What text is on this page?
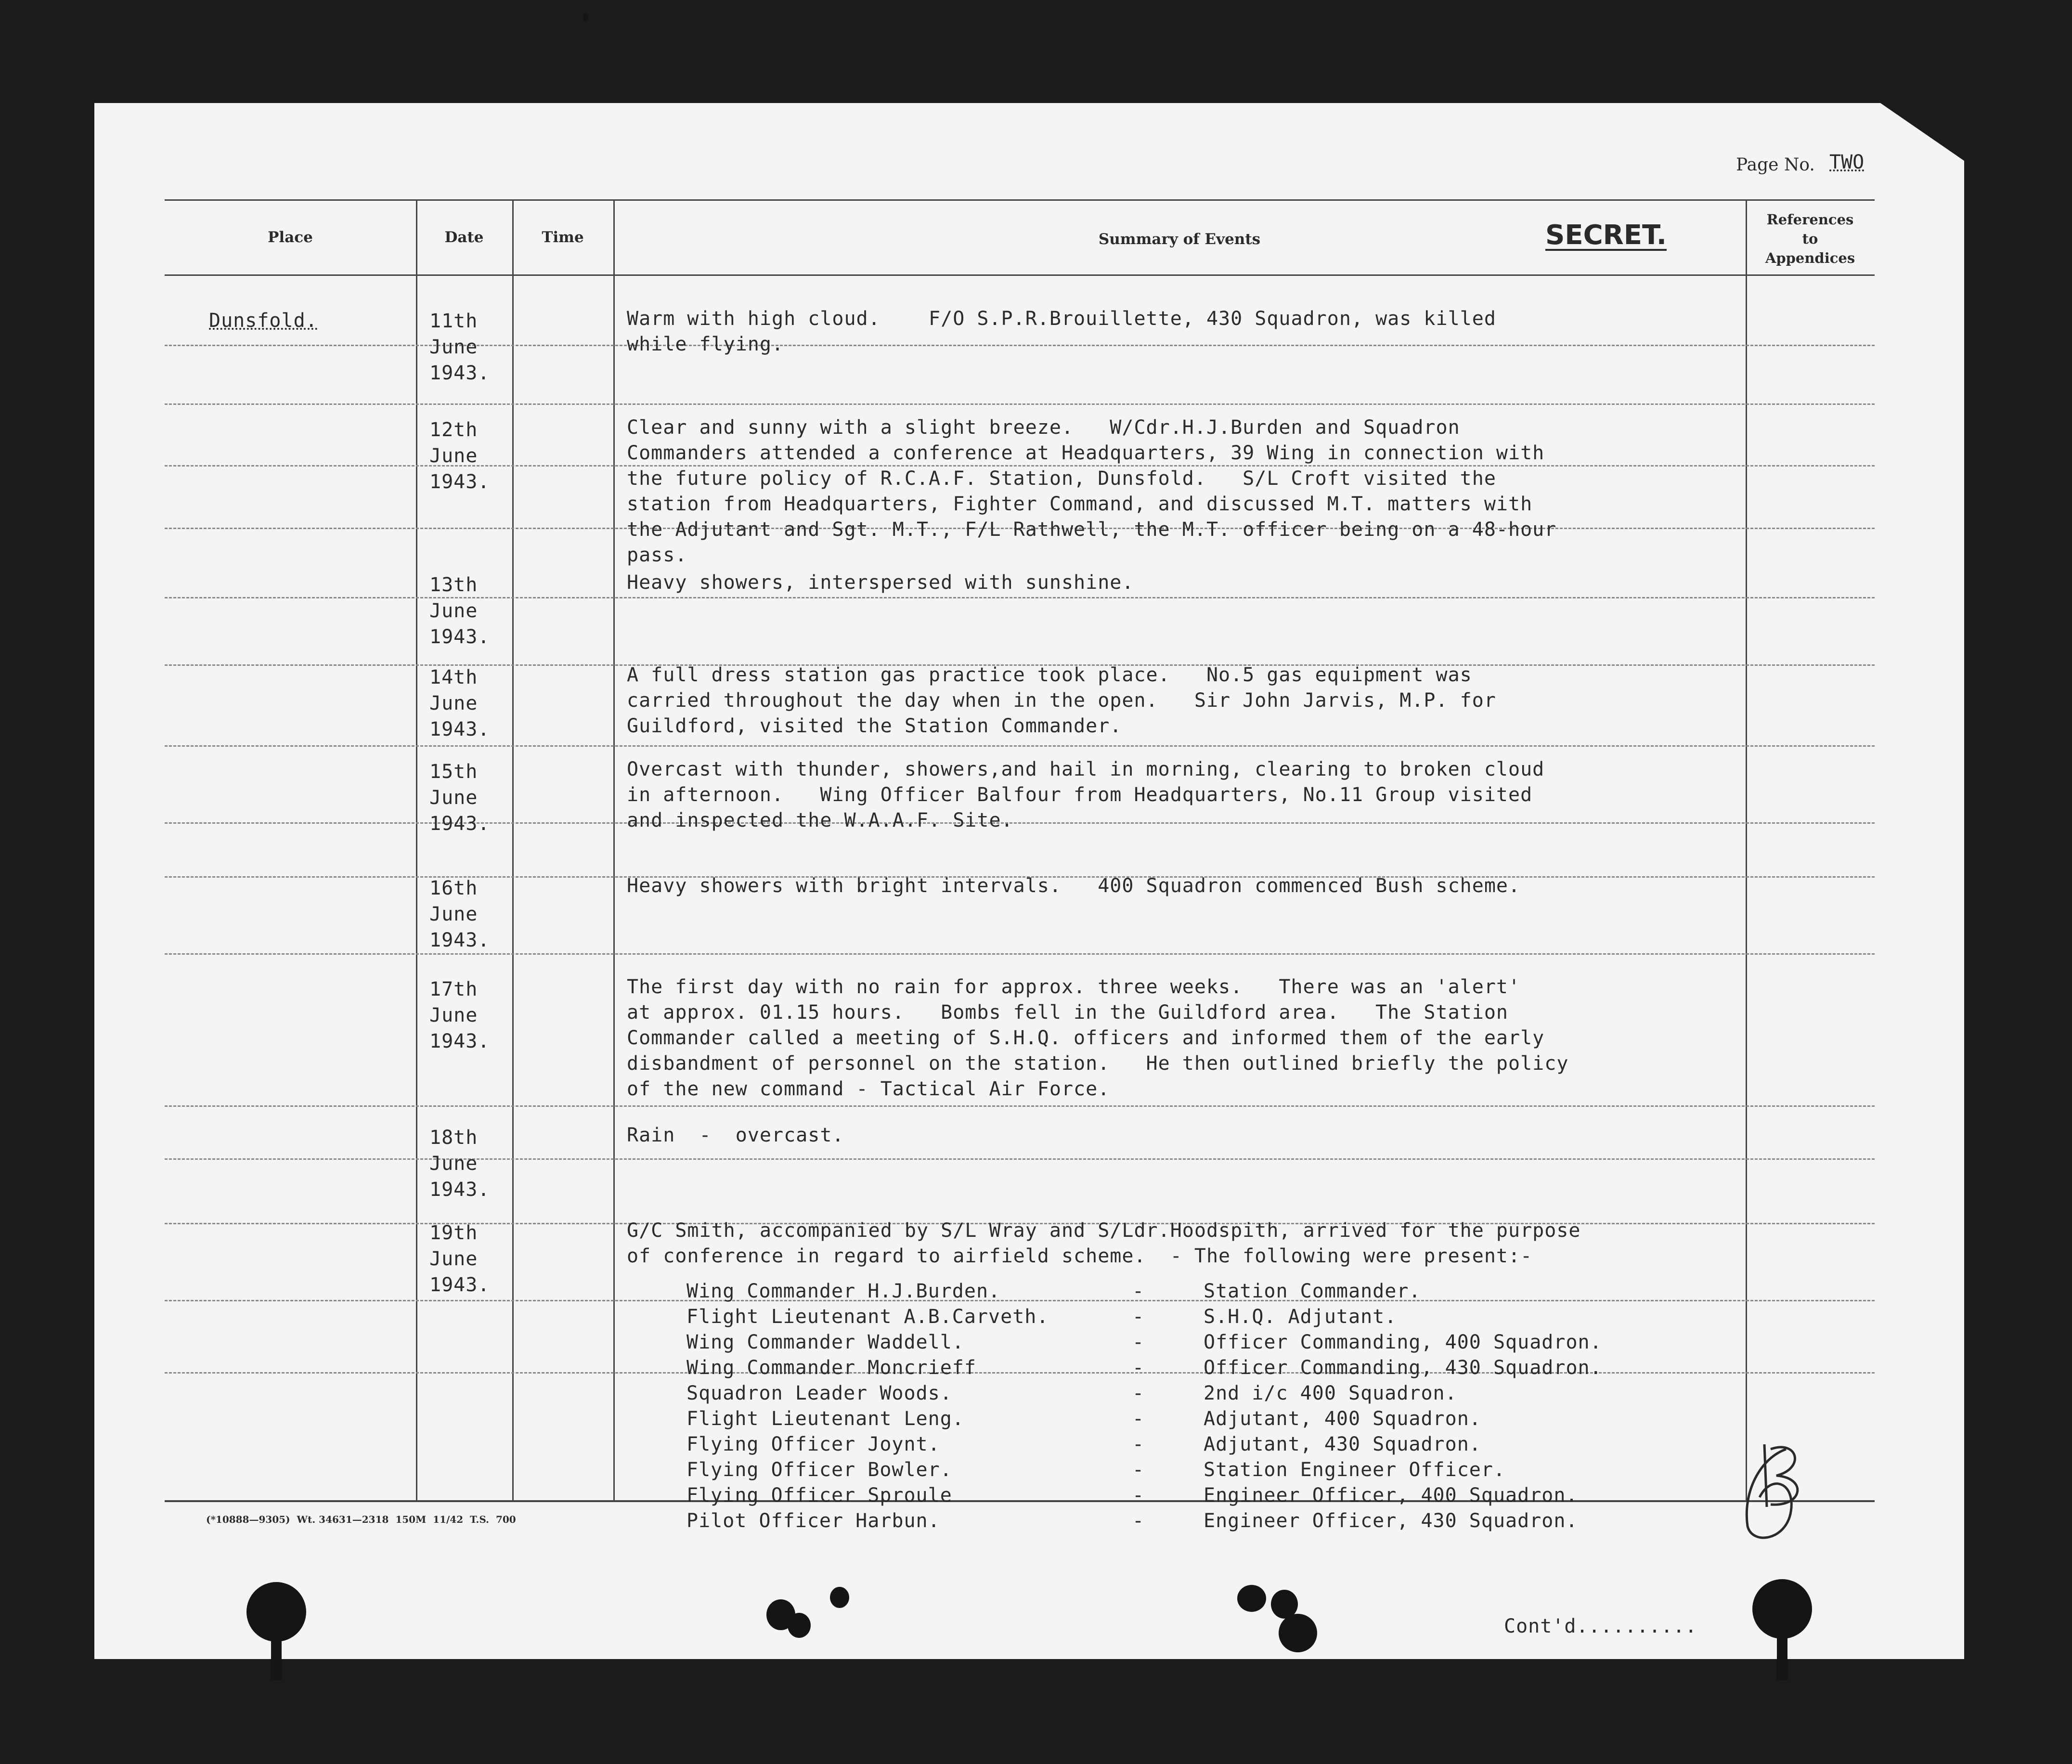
Page No. TWO
Place	Date	Time	Summary of Events	SECRET.	References
to
Appendices
Dunsfold.	11th
June
1943.
Warm with high cloud.    F/O S.P.R.Brouillette, 430 Squadron, was killed
while flying.
12th
June
1943.
Clear and sunny with a slight breeze.   W/Cdr.H.J.Burden and Squadron
Commanders attended a conference at Headquarters, 39 Wing in connection with
the future policy of R.C.A.F. Station, Dunsfold.   S/L Croft visited the
station from Headquarters, Fighter Command, and discussed M.T. matters with
the Adjutant and Sgt. M.T., F/L Rathwell, the M.T. officer being on a 48-hour
pass.
13th
June
1943.
Heavy showers, interspersed with sunshine.
14th
June
1943.
A full dress station gas practice took place.   No.5 gas equipment was
carried throughout the day when in the open.   Sir John Jarvis, M.P. for
Guildford, visited the Station Commander.
15th
June
1943.
Overcast with thunder, showers,and hail in morning, clearing to broken cloud
in afternoon.   Wing Officer Balfour from Headquarters, No.11 Group visited
and inspected the W.A.A.F. Site.
16th
June
1943.
Heavy showers with bright intervals.   400 Squadron commenced Bush scheme.
17th
June
1943.
The first day with no rain for approx. three weeks.   There was an 'alert'
at approx. 01.15 hours.   Bombs fell in the Guildford area.   The Station
Commander called a meeting of S.H.Q. officers and informed them of the early
disbandment of personnel on the station.   He then outlined briefly the policy
of the new command - Tactical Air Force.
18th
June
1943.
Rain  -  overcast.
19th
June
1943.
G/C Smith, accompanied by S/L Wray and S/Ldr.Hoodspith, arrived for the purpose
of conference in regard to airfield scheme.  - The following were present:-
Wing Commander H.J.Burden.	-	Station Commander.
Flight Lieutenant A.B.Carveth.	-	S.H.Q. Adjutant.
Wing Commander Waddell.	-	Officer Commanding, 400 Squadron.
Wing Commander Moncrieff	-	Officer Commanding, 430 Squadron.
Squadron Leader Woods.	-	2nd i/c 400 Squadron.
Flight Lieutenant Leng.	-	Adjutant, 400 Squadron.
Flying Officer Joynt.	-	Adjutant, 430 Squadron.
Flying Officer Bowler.	-	Station Engineer Officer.
Flying Officer Sproule	-	Engineer Officer, 400 Squadron.
Pilot Officer Harbun.	-	Engineer Officer, 430 Squadron.
(*10888—9305)  Wt. 34631—2318  150M  11/42  T.S.  700
Cont'd..........
